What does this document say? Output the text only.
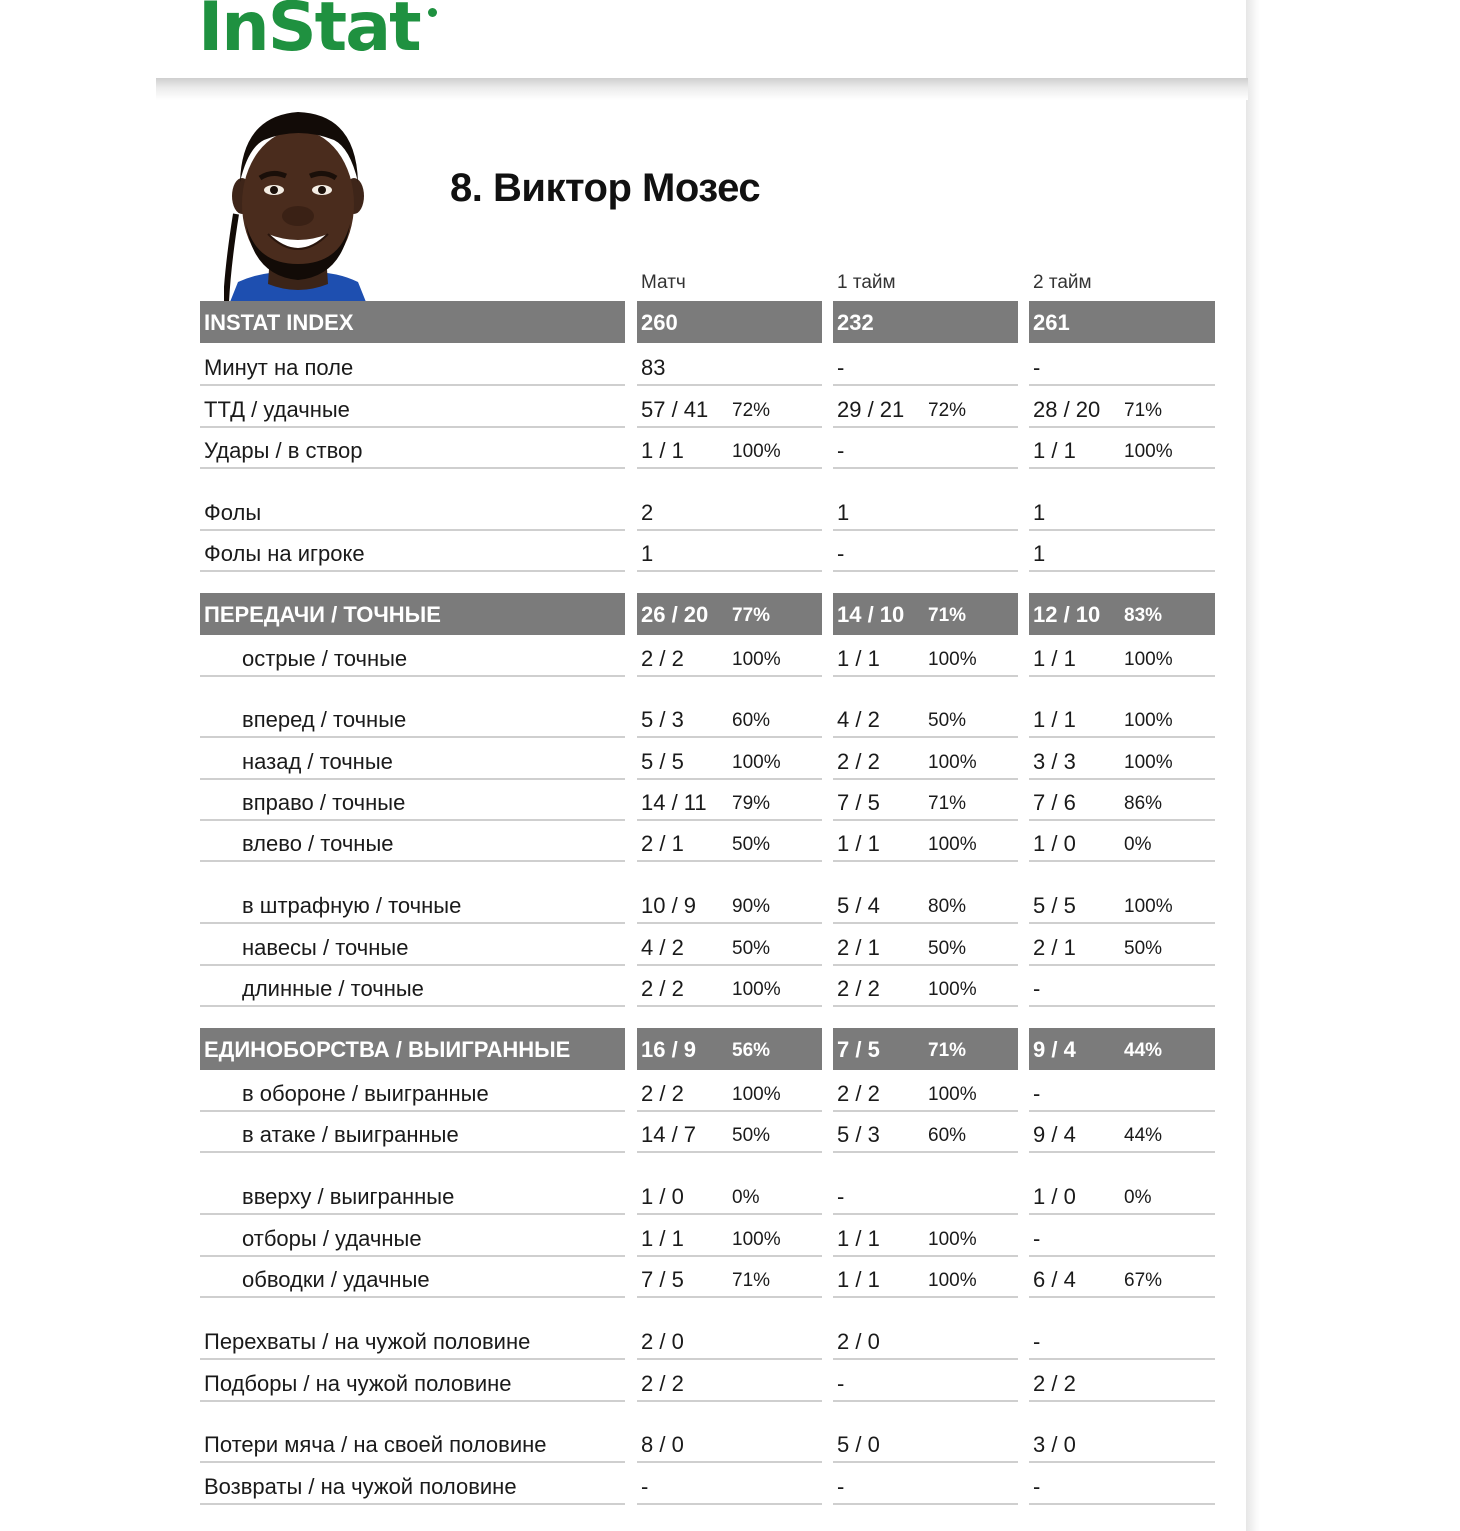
InStat
8. Виктор Мозес
Матч	1 тайм	2 тайм
INSTAT INDEX	260	232	261
Минут на поле	83	-	-
ТТД / удачные	57 / 41 72%	29 / 21 72%	28 / 20 71%
Удары / в створ	1 / 1	100%	-	1 / 1	100%
Фолы	2	1	1
Фолы на игроке	1	-	1
ПЕРЕДАЧИ / ТОЧНЫЕ	26 / 20 77%	14 / 10 71%	12 / 10 83%
острые / точные	2 / 2	100%	1 / 1	100%	1 / 1	100%
вперед / точные	5 / 3	60%	4 / 2	50%	1 / 1	100%
назад / точные	5 / 5	100%	2 / 2	100%	3 / 3	100%
вправо / точные	14 / 11 79%	7 / 5	71%	7 / 6	86%
влево / точные	2 / 1	50%	1 / 1	100%	1 / 0	0%
в штрафную / точные	10 / 9 90%	5 / 4	80%	5 / 5	100%
навесы / точные	4 / 2	50%	2 / 1	50%	2 / 1	50%
длинные / точные	2 / 2	100%	2 / 2	100%	-
ЕДИНОБОРСТВА / ВЫИГРАННЫЕ	16 / 9 56%	7 / 5	71%	9 / 4	44%
в обороне / выигранные	2 / 2	100%	2 / 2	100%	-
в атаке / выигранные	14 / 7 50%	5 / 3	60%	9 / 4	44%
вверху / выигранные	1 / 0	0%	-	1 / 0	0%
отборы / удачные	1 / 1	100%	1 / 1	100%	-
обводки / удачные	7 / 5	71%	1 / 1	100%	6 / 4	67%
Перехваты / на чужой половине	2 / 0	2 / 0	-
Подборы / на чужой половине	2 / 2	-	2 / 2
Потери мяча / на своей половине	8 / 0	5 / 0	3 / 0
Возвраты / на чужой половине	-	-	-
